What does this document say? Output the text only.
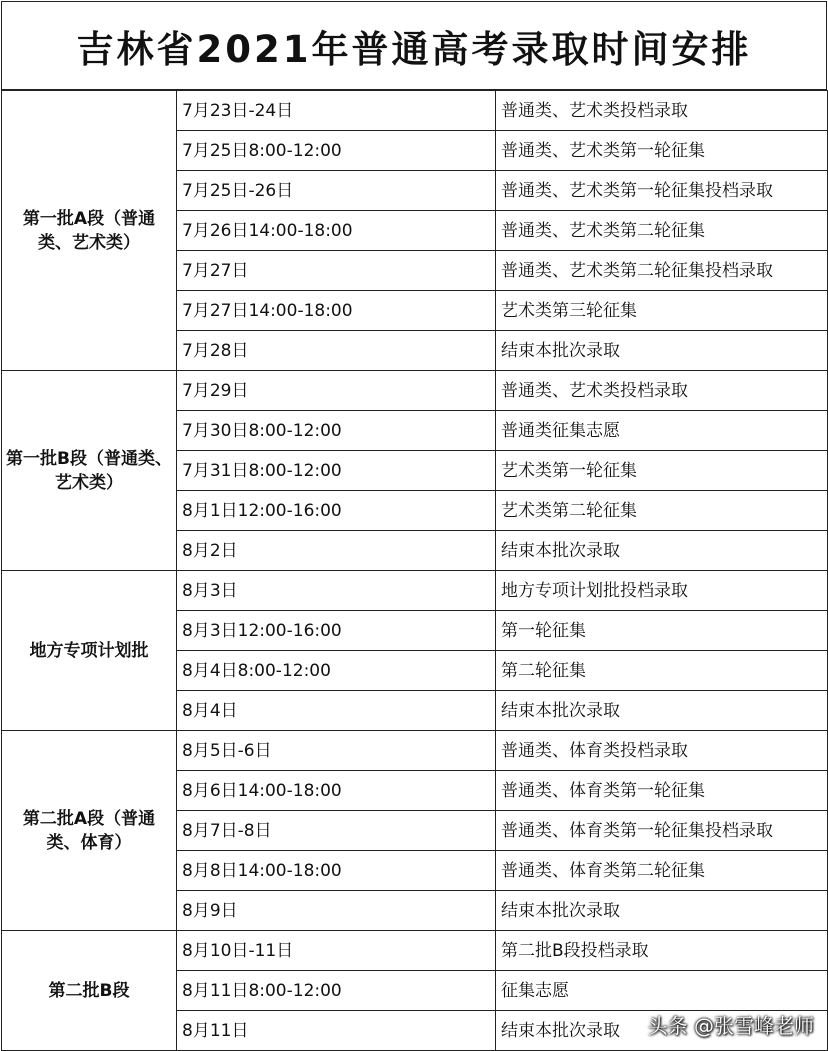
吉林省2021年普通高考录取时间安排
第一批A段（普通类、艺术类）	7月23日-24日	普通类、艺术类投档录取
	7月25日8:00-12:00	普通类、艺术类第一轮征集
	7月25日-26日	普通类、艺术类第一轮征集投档录取
	7月26日14:00-18:00	普通类、艺术类第二轮征集
	7月27日	普通类、艺术类第二轮征集投档录取
	7月27日14:00-18:00	艺术类第三轮征集
	7月28日	结束本批次录取
第一批B段（普通类、艺术类）	7月29日	普通类、艺术类投档录取
	7月30日8:00-12:00	普通类征集志愿
	7月31日8:00-12:00	艺术类第一轮征集
	8月1日12:00-16:00	艺术类第二轮征集
	8月2日	结束本批次录取
地方专项计划批	8月3日	地方专项计划批投档录取
	8月3日12:00-16:00	第一轮征集
	8月4日8:00-12:00	第二轮征集
	8月4日	结束本批次录取
第二批A段（普通类、体育）	8月5日-6日	普通类、体育类投档录取
	8月6日14:00-18:00	普通类、体育类第一轮征集
	8月7日-8日	普通类、体育类第一轮征集投档录取
	8月8日14:00-18:00	普通类、体育类第二轮征集
	8月9日	结束本批次录取
第二批B段	8月10日-11日	第二批B段投档录取
	8月11日8:00-12:00	征集志愿
	8月11日	结束本批次录取 头条 @张雪峰老师
